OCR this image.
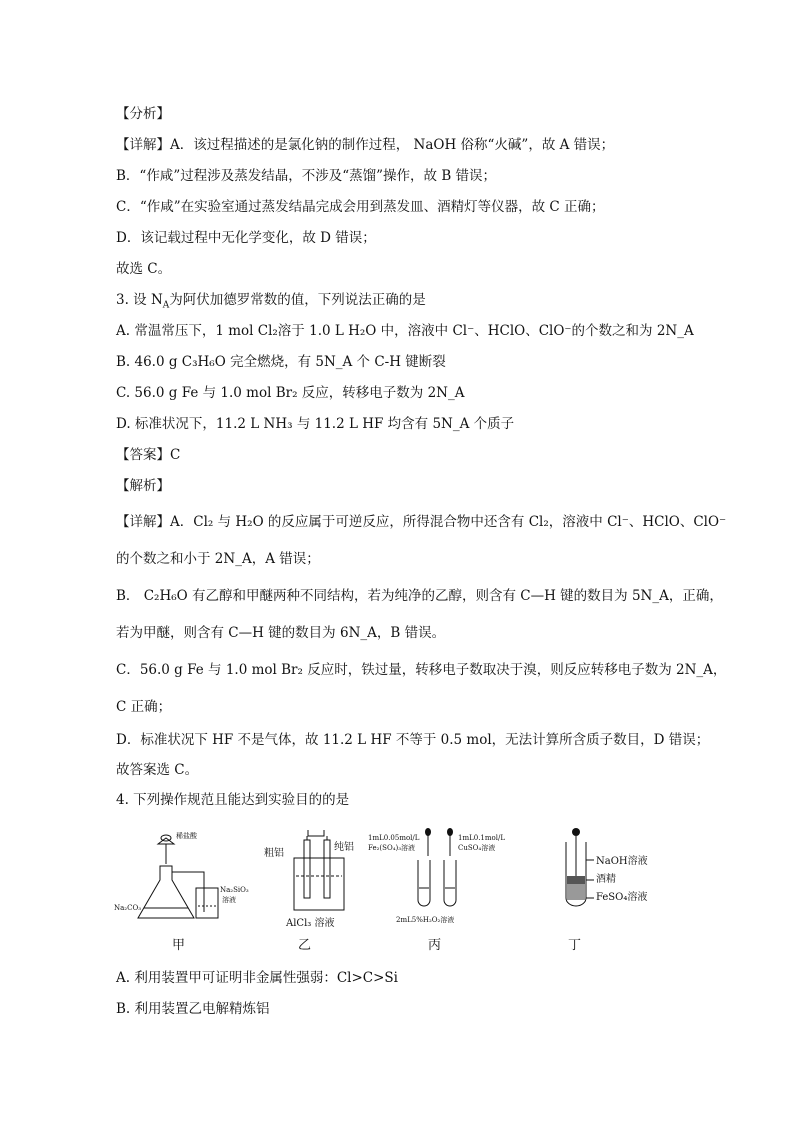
【分析】
【详解】A．该过程描述的是氯化钠的制作过程， NaOH 俗称“火碱”，故 A 错误；
B．“作咸”过程涉及蒸发结晶，不涉及“蒸馏”操作，故 B 错误；
C．“作咸”在实验室通过蒸发结晶完成会用到蒸发皿、酒精灯等仪器，故 C 正确；
D．该记载过程中无化学变化，故 D 错误；
故选 C。
3. 设 $N_A$为阿伏加德罗常数的值，下列说法正确的是
A. 常温常压下，1 mol Cl₂溶于 1.0 L H₂O 中，溶液中 Cl⁻、HClO、ClO⁻的个数之和为 2N_A
B. 46.0 g C₃H₆O 完全燃烧，有 5N_A 个 C-H 键断裂
C. 56.0 g Fe 与 1.0 mol Br₂ 反应，转移电子数为 2N_A
D. 标准状况下，11.2 L NH₃ 与 11.2 L HF 均含有 5N_A 个质子
【答案】C
【解析】
【详解】A．Cl₂ 与 H₂O 的反应属于可逆反应，所得混合物中还含有 Cl₂，溶液中 Cl⁻、HClO、ClO⁻
的个数之和小于 2N_A，A 错误；
B． C₂H₆O 有乙醇和甲醚两种不同结构，若为纯净的乙醇，则含有 C—H 键的数目为 5N_A，正确，
若为甲醚，则含有 C—H 键的数目为 6N_A，B 错误。
C．56.0 g Fe 与 1.0 mol Br₂ 反应时，铁过量，转移电子数取决于溴，则反应转移电子数为 2N_A，
C 正确；
D．标准状况下 HF 不是气体，故 11.2 L HF 不等于 0.5 mol，无法计算所含质子数目，D 错误；
故答案选 C。
4. 下列操作规范且能达到实验目的的是
稀盐酸
Na₂CO₃
Na₂SiO₃
溶液
甲
粗铝
纯铝
AlCl₃ 溶液
乙
1mL0.05mol/L
Fe₂(SO₄)₃溶液
1mL0.1mol/L
CuSO₄溶液
2mL5%H₂O₂溶液
丙
NaOH溶液
酒精
FeSO₄溶液
丁
A. 利用装置甲可证明非金属性强弱：Cl>C>Si
B. 利用装置乙电解精炼铝
